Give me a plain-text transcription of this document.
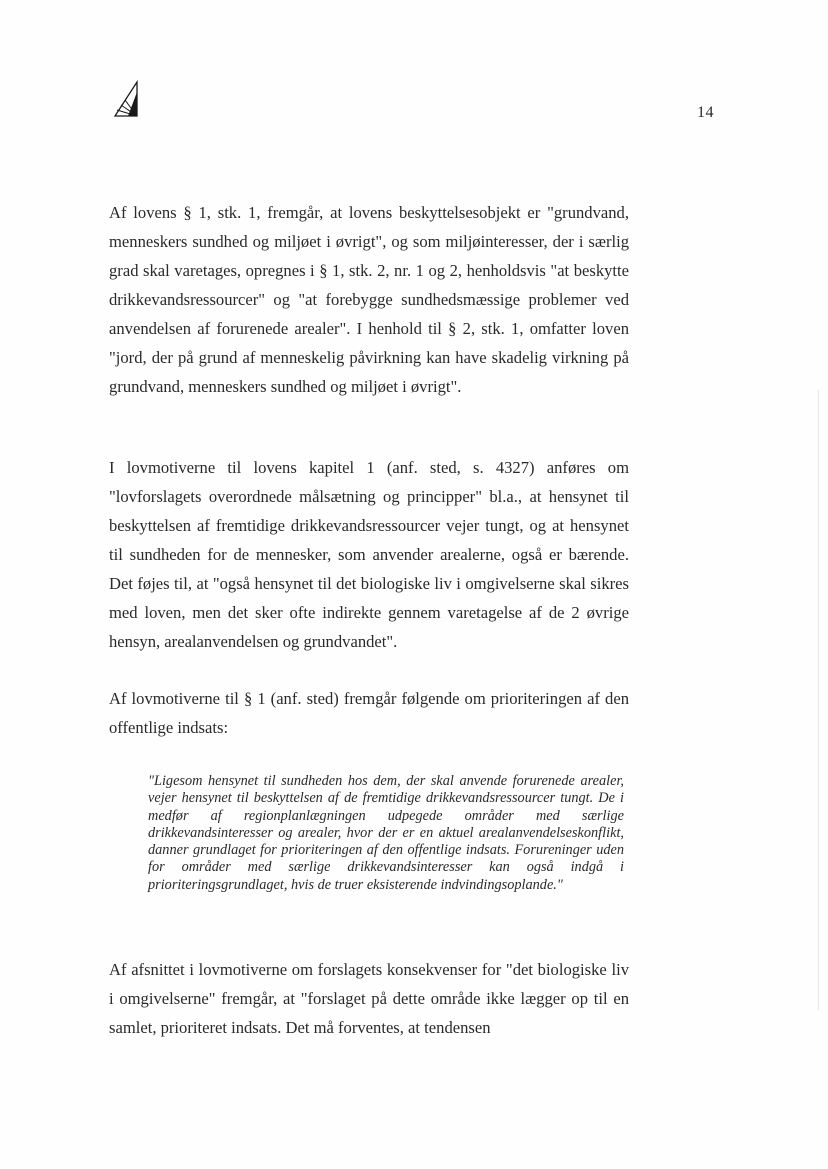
14

Af lovens § 1, stk. 1, fremgår, at lovens beskyttelsesobjekt er "grundvand, menneskers sundhed og miljøet i øvrigt", og som miljøinteresser, der i særlig grad skal varetages, opregnes i § 1, stk. 2, nr. 1 og 2, henholdsvis "at beskytte drikkevandsressourcer" og "at forebygge sundhedsmæssige problemer ved anvendelsen af forurenede arealer". I henhold til § 2, stk. 1, omfatter loven "jord, der på grund af menneskelig påvirkning kan have skadelig virkning på grundvand, menneskers sundhed og miljøet i øvrigt".

I lovmotiverne til lovens kapitel 1 (anf. sted, s. 4327) anføres om "lovforslagets overordnede målsætning og principper" bl.a., at hensynet til beskyttelsen af fremtidige drikkevandsressourcer vejer tungt, og at hensynet til sundheden for de mennesker, som anvender arealerne, også er bærende. Det føjes til, at "også hensynet til det biologiske liv i omgivelserne skal sikres med loven, men det sker ofte indirekte gennem varetagelse af de 2 øvrige hensyn, arealanvendelsen og grundvandet".

Af lovmotiverne til § 1 (anf. sted) fremgår følgende om prioriteringen af den offentlige indsats:

"Ligesom hensynet til sundheden hos dem, der skal anvende forurenede arealer, vejer hensynet til beskyttelsen af de fremtidige drikkevandsressourcer tungt. De i medfør af regionplanlægningen udpegede områder med særlige drikkevandsinteresser og arealer, hvor der er en aktuel arealanvendelseskonflikt, danner grundlaget for prioriteringen af den offentlige indsats. Forureninger uden for områder med særlige drikkevandsinteresser kan også indgå i prioriteringsgrundlaget, hvis de truer eksisterende indvindingsoplande."

Af afsnittet i lovmotiverne om forslagets konsekvenser for "det biologiske liv i omgivelserne" fremgår, at "forslaget på dette område ikke lægger op til en samlet, prioriteret indsats. Det må forventes, at tendensen
